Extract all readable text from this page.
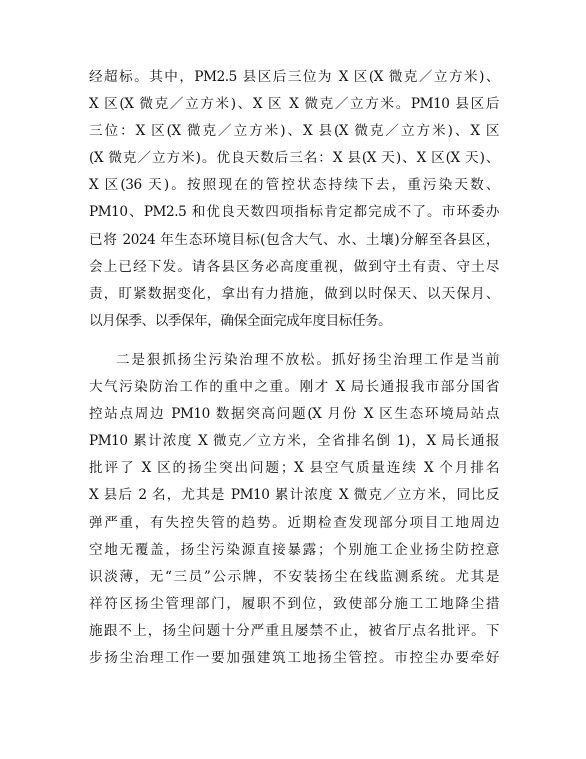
经超标。其中，PM2.5 县区后三位为 X 区(X 微克／立方米)、
X 区(X 微克／立方米)、X 区 X 微克／立方米。PM10 县区后
三位：X 区(X 微克／立方米)、X 县(X 微克／立方米)、X 区
(X 微克／立方米)。优良天数后三名：X 县(X 天)、X 区(X 天)、
X 区(36 天)。按照现在的管控状态持续下去，重污染天数、
PM10、PM2.5 和优良天数四项指标肯定都完成不了。市环委办
已将 2024 年生态环境目标(包含大气、水、土壤)分解至各县区，
会上已经下发。请各县区务必高度重视，做到守土有责、守土尽
责，盯紧数据变化，拿出有力措施，做到以时保天、以天保月、
以月保季、以季保年，确保全面完成年度目标任务。
二是狠抓扬尘污染治理不放松。抓好扬尘治理工作是当前
大气污染防治工作的重中之重。刚才 X 局长通报我市部分国省
控站点周边 PM10 数据突高问题(X 月份 X 区生态环境局站点
PM10 累计浓度 X 微克／立方米，全省排名倒 1)，X 局长通报
批评了 X 区的扬尘突出问题；X 县空气质量连续 X 个月排名
X 县后 2 名，尤其是 PM10 累计浓度 X 微克／立方米，同比反
弹严重，有失控失管的趋势。近期检查发现部分项目工地周边
空地无覆盖，扬尘污染源直接暴露；个别施工企业扬尘防控意
识淡薄，无“三员”公示牌，不安装扬尘在线监测系统。尤其是
祥符区扬尘管理部门，履职不到位，致使部分施工工地降尘措
施跟不上，扬尘问题十分严重且屡禁不止，被省厅点名批评。下
步扬尘治理工作一要加强建筑工地扬尘管控。市控尘办要牵好
